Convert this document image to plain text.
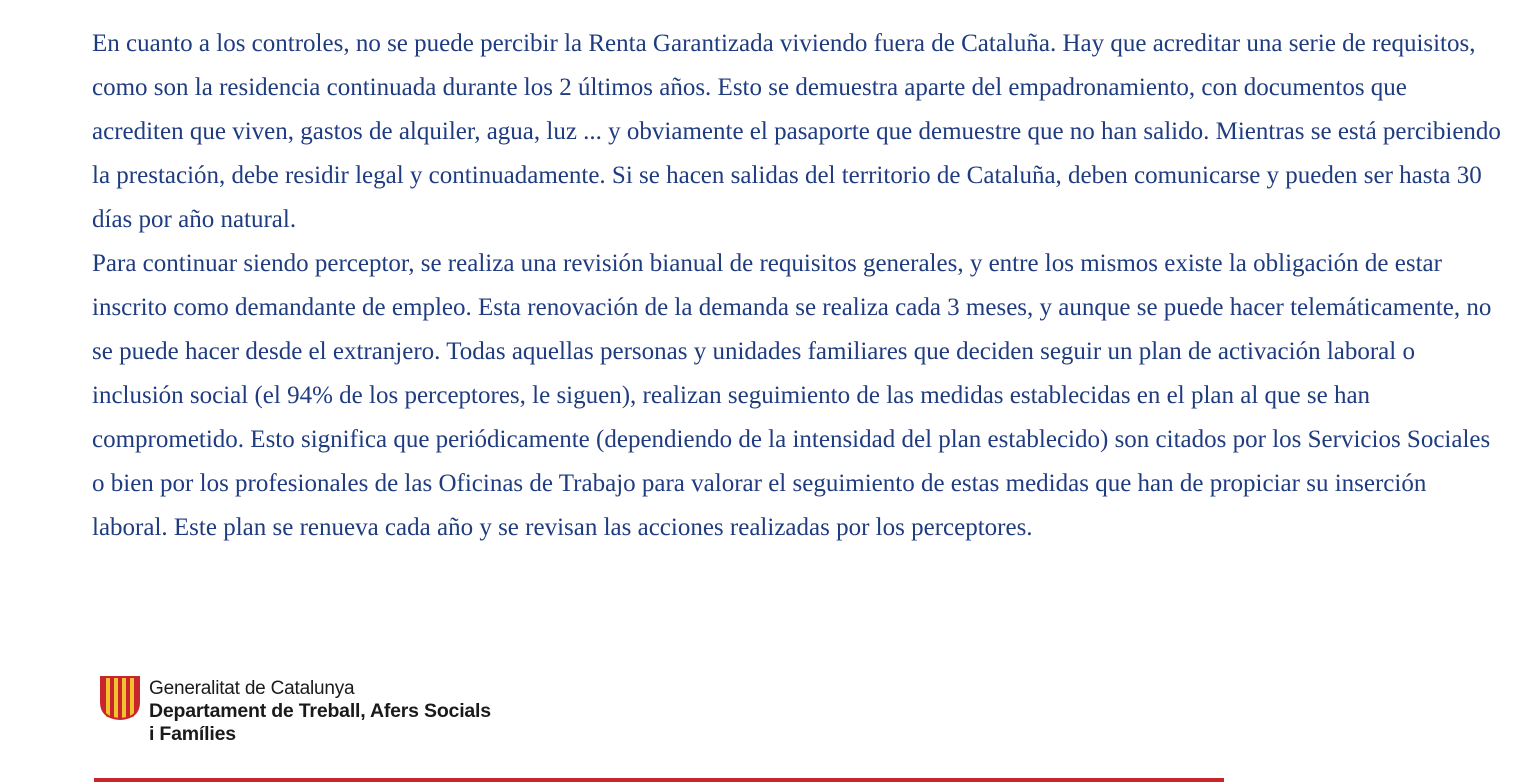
En cuanto a los controles, no se puede percibir la Renta Garantizada viviendo fuera de Cataluña. Hay que acreditar una serie de requisitos, como son la residencia continuada durante los 2 últimos años. Esto se demuestra aparte del empadronamiento, con documentos que acrediten que viven, gastos de alquiler, agua, luz ... y obviamente el pasaporte que demuestre que no han salido. Mientras se está percibiendo la prestación, debe residir legal y continuadamente. Si se hacen salidas del territorio de Cataluña, deben comunicarse y pueden ser hasta 30 días por año natural.

Para continuar siendo perceptor, se realiza una revisión bianual de requisitos generales, y entre los mismos existe la obligación de estar inscrito como demandante de empleo. Esta renovación de la demanda se realiza cada 3 meses, y aunque se puede hacer telemáticamente, no se puede hacer desde el extranjero. Todas aquellas personas y unidades familiares que deciden seguir un plan de activación laboral o inclusión social (el 94% de los perceptores, le siguen), realizan seguimiento de las medidas establecidas en el plan al que se han comprometido. Esto significa que periódicamente (dependiendo de la intensidad del plan establecido) son citados por los Servicios Sociales o bien por los profesionales de las Oficinas de Trabajo para valorar el seguimiento de estas medidas que han de propiciar su inserción laboral. Este plan se renueva cada año y se revisan las acciones realizadas por los perceptores.

Generalitat de Catalunya

Departament de Treball, Afers Socials

i Famílies
